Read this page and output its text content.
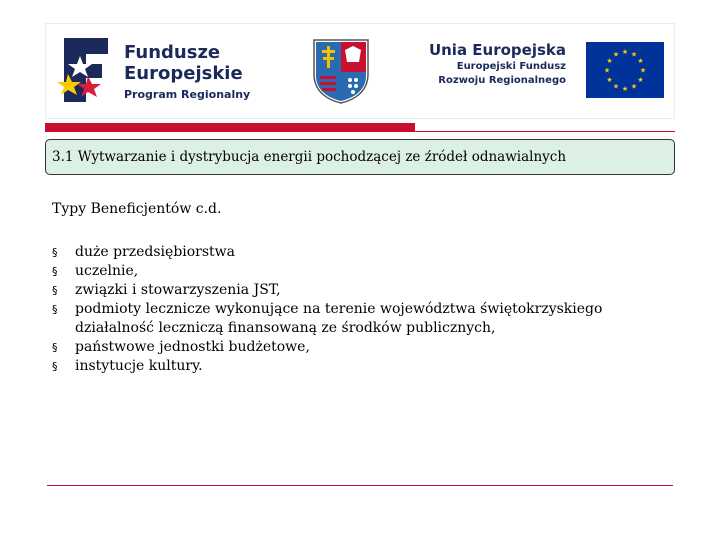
Fundusze
Europejskie
Program Regionalny
Unia Europejska
Europejski Fundusz
Rozwoju Regionalnego
★ ★
★
★
★
★
★
★
★
★
★
★
3.1 Wytwarzanie i dystrybucja energii pochodzącej ze źródeł odnawialnych
Typy Beneficjentów c.d.
§	duże przedsiębiorstwa
§	uczelnie,
§	związki i stowarzyszenia JST,
§	podmioty lecznicze wykonujące na terenie województwa świętokrzyskiego działalność leczniczą finansowaną ze środków publicznych,
§	państwowe jednostki budżetowe,
§	instytucje kultury.
